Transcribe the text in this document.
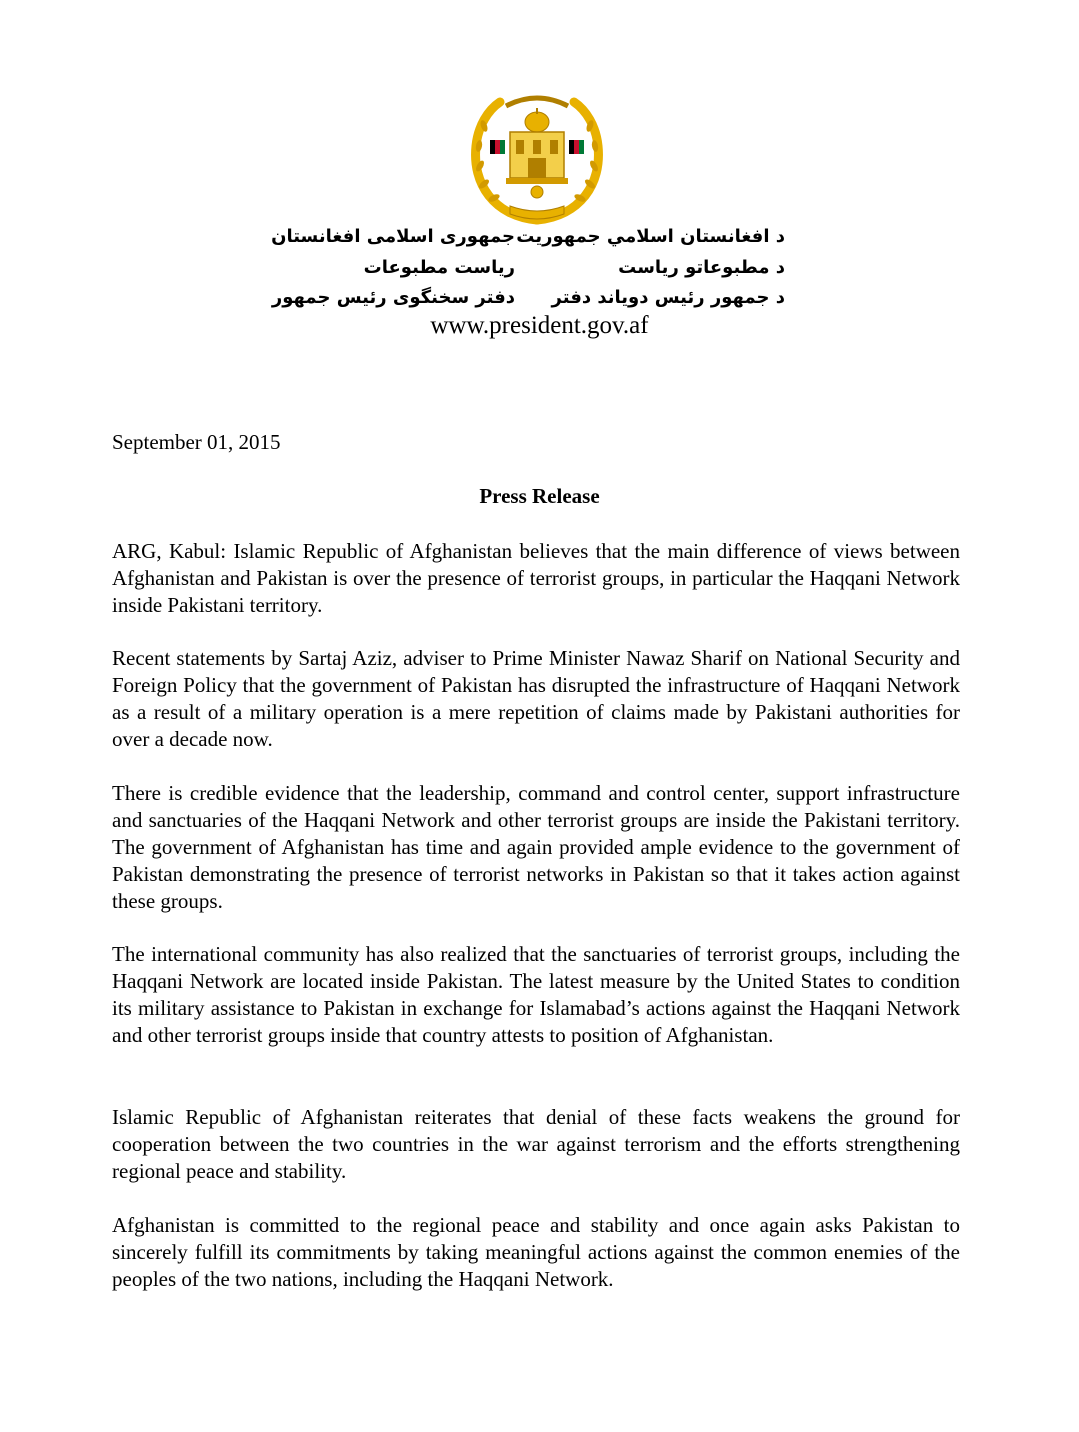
د افغانستان اسلامي جمهوريت
جمهوری اسلامی افغانستان
د مطبوعاتو رياست
ریاست مطبوعات
د جمهور رئيس دوياند دفتر
دفتر سخنگوی رئیس جمهور
www.president.gov.af
September 01, 2015
Press Release

ARG, Kabul: Islamic Republic of Afghanistan believes that the main difference of views between Afghanistan and Pakistan is over the presence of terrorist groups, in particular the Haqqani Network inside Pakistani territory.

Recent statements by Sartaj Aziz, adviser to Prime Minister Nawaz Sharif on National Security and Foreign Policy that the government of Pakistan has disrupted the infrastructure of Haqqani Network as a result of a military operation is a mere repetition of claims made by Pakistani authorities for over a decade now.

There is credible evidence that the leadership, command and control center, support infrastructure and sanctuaries of the Haqqani Network and other terrorist groups are inside the Pakistani territory. The government of Afghanistan has time and again provided ample evidence to the government of Pakistan demonstrating the presence of terrorist networks in Pakistan so that it takes action against these groups.

The international community has also realized that the sanctuaries of terrorist groups, including the Haqqani Network are located inside Pakistan. The latest measure by the United States to condition its military assistance to Pakistan in exchange for Islamabad’s actions against the Haqqani Network and other terrorist groups inside that country attests to position of Afghanistan.

Islamic Republic of Afghanistan reiterates that denial of these facts weakens the ground for cooperation between the two countries in the war against terrorism and the efforts strengthening regional peace and stability.

Afghanistan is committed to the regional peace and stability and once again asks Pakistan to sincerely fulfill its commitments by taking meaningful actions against the common enemies of the peoples of the two nations, including the Haqqani Network.
